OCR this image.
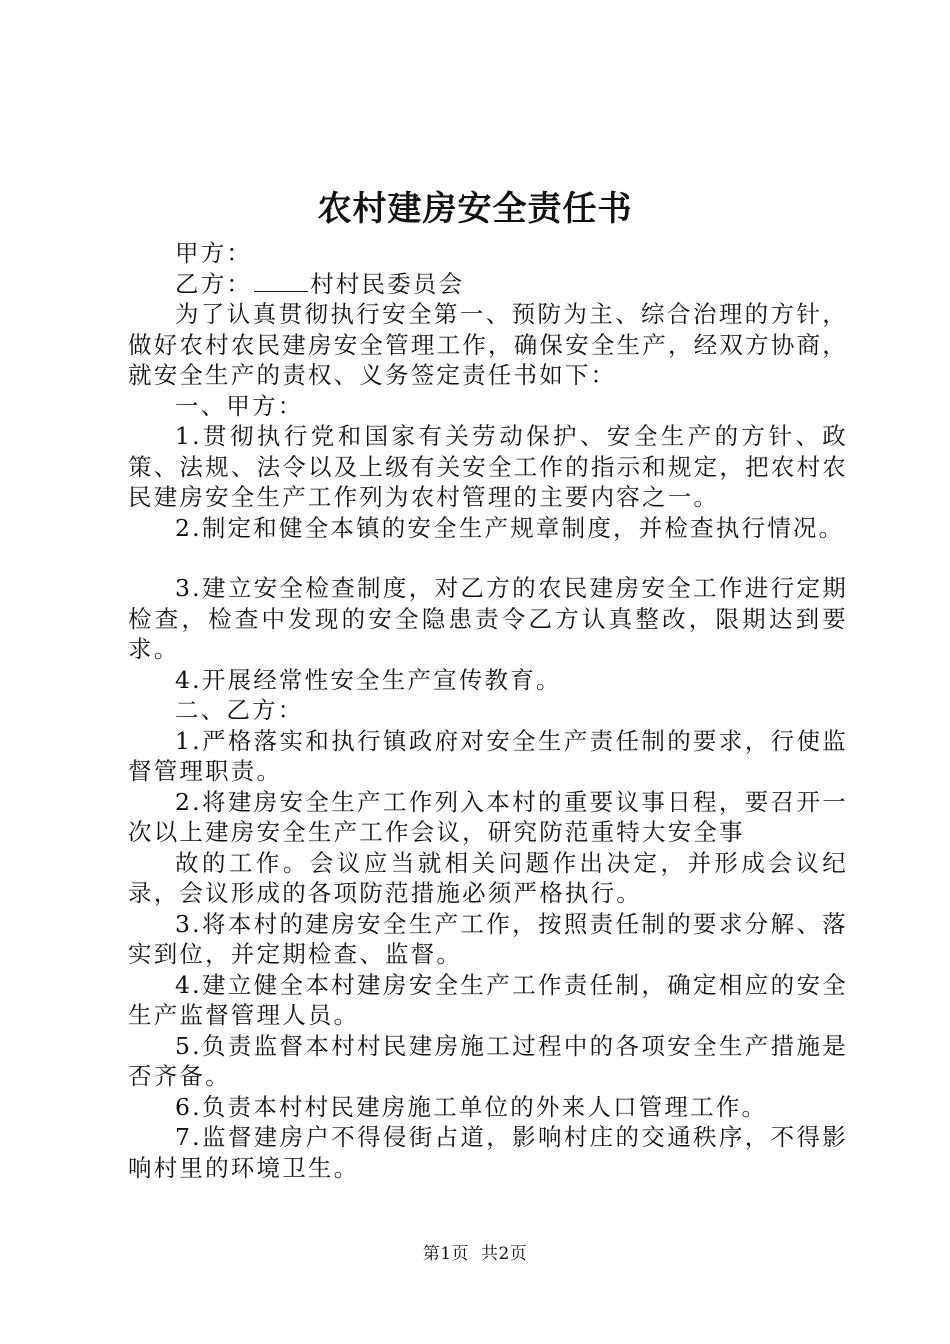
农村建房安全责任书

甲方：

乙方： 村村民委员会

为了认真贯彻执行安全第一、预防为主、综合治理的方针，做好农村农民建房安全管理工作，确保安全生产，经双方协商，就安全生产的责权、义务签定责任书如下：

一、甲方：

1.贯彻执行党和国家有关劳动保护、安全生产的方针、政策、法规、法令以及上级有关安全工作的指示和规定，把农村农民建房安全生产工作列为农村管理的主要内容之一。

2.制定和健全本镇的安全生产规章制度，并检查执行情况。

3.建立安全检查制度，对乙方的农民建房安全工作进行定期检查，检查中发现的安全隐患责令乙方认真整改，限期达到要求。

4.开展经常性安全生产宣传教育。

二、乙方：

1.严格落实和执行镇政府对安全生产责任制的要求，行使监督管理职责。

2.将建房安全生产工作列入本村的重要议事日程，要召开一次以上建房安全生产工作会议，研究防范重特大安全事

故的工作。会议应当就相关问题作出决定，并形成会议纪录，会议形成的各项防范措施必须严格执行。

3.将本村的建房安全生产工作，按照责任制的要求分解、落实到位，并定期检查、监督。

4.建立健全本村建房安全生产工作责任制，确定相应的安全生产监督管理人员。

5.负责监督本村村民建房施工过程中的各项安全生产措施是否齐备。

6.负责本村村民建房施工单位的外来人口管理工作。

7.监督建房户不得侵街占道，影响村庄的交通秩序，不得影响村里的环境卫生。

第1页 共2页
